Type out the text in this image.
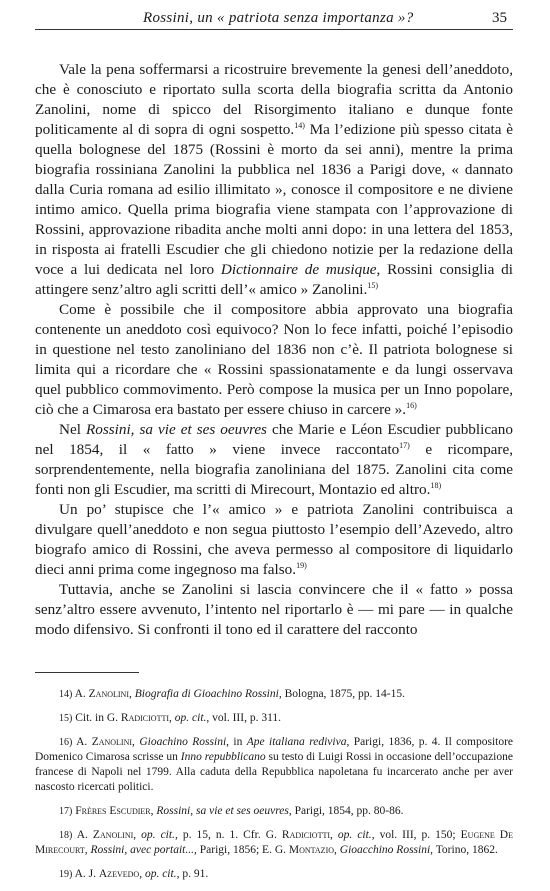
Rossini, un « patriota senza importanza »?	35

Vale la pena soffermarsi a ricostruire brevemente la genesi dell’aneddoto, che è conosciuto e riportato sulla scorta della biografia scritta da Antonio Zanolini, nome di spicco del Risorgimento italiano e dunque fonte politicamente al di sopra di ogni sospetto.$^{14)}$ Ma l’edizione più spesso citata è quella bolognese del 1875 (Rossini è morto da sei anni), mentre la prima biografia rossiniana Zanolini la pubblica nel 1836 a Parigi dove, « dannato dalla Curia romana ad esilio illimitato », conosce il compositore e ne diviene intimo amico. Quella prima biografia viene stampata con l’approvazione di Rossini, approvazione ribadita anche molti anni dopo: in una lettera del 1853, in risposta ai fratelli Escudier che gli chiedono notizie per la redazione della voce a lui dedicata nel loro Dictionnaire de musique, Rossini consiglia di attingere senz’altro agli scritti dell’« amico » Zanolini.$^{15)}$

Come è possibile che il compositore abbia approvato una biografia contenente un aneddoto così equivoco? Non lo fece infatti, poiché l’episodio in questione nel testo zanoliniano del 1836 non c’è. Il patriota bolognese si limita qui a ricordare che « Rossini spassionatamente e da lungi osservava quel pubblico commovimento. Però compose la musica per un Inno popolare, ciò che a Cimarosa era bastato per essere chiuso in carcere ».$^{16)}$

Nel Rossini, sa vie et ses oeuvres che Marie e Léon Escudier pubblicano nel 1854, il « fatto » viene invece raccontato$^{17)}$ e ricompare, sorprendentemente, nella biografia zanoliniana del 1875. Zanolini cita come fonti non gli Escudier, ma scritti di Mirecourt, Montazio ed altro.$^{18)}$

Un po’ stupisce che l’« amico » e patriota Zanolini contribuisca a divulgare quell’aneddoto e non segua piuttosto l’esempio dell’Azevedo, altro biografo amico di Rossini, che aveva permesso al compositore di liquidarlo dieci anni prima come ingegnoso ma falso.$^{19)}$

Tuttavia, anche se Zanolini si lascia convincere che il « fatto » possa senz’altro essere avvenuto, l’intento nel riportarlo è — mi pare — in qualche modo difensivo. Si confronti il tono ed il carattere del racconto

14) A. Zanolini, Biografia di Gioachino Rossini, Bologna, 1875, pp. 14-15.

15) Cit. in G. Radiciotti, op. cit., vol. III, p. 311.

16) A. Zanolini, Gioachino Rossini, in Ape italiana rediviva, Parigi, 1836, p. 4. Il compositore Domenico Cimarosa scrisse un Inno repubblicano su testo di Luigi Rossi in occasione dell’occupazione francese di Napoli nel 1799. Alla caduta della Repubblica napoletana fu incarcerato anche per aver nascosto ricercati politici.

17) Frères Escudier, Rossini, sa vie et ses oeuvres, Parigi, 1854, pp. 80-86.

18) A. Zanolini, op. cit., p. 15, n. 1. Cfr. G. Radiciotti, op. cit., vol. III, p. 150; Eugene De Mirecourt, Rossini, avec portait..., Parigi, 1856; E. G. Montazio, Gioacchino Rossini, Torino, 1862.

19) A. J. Azevedo, op. cit., p. 91.
